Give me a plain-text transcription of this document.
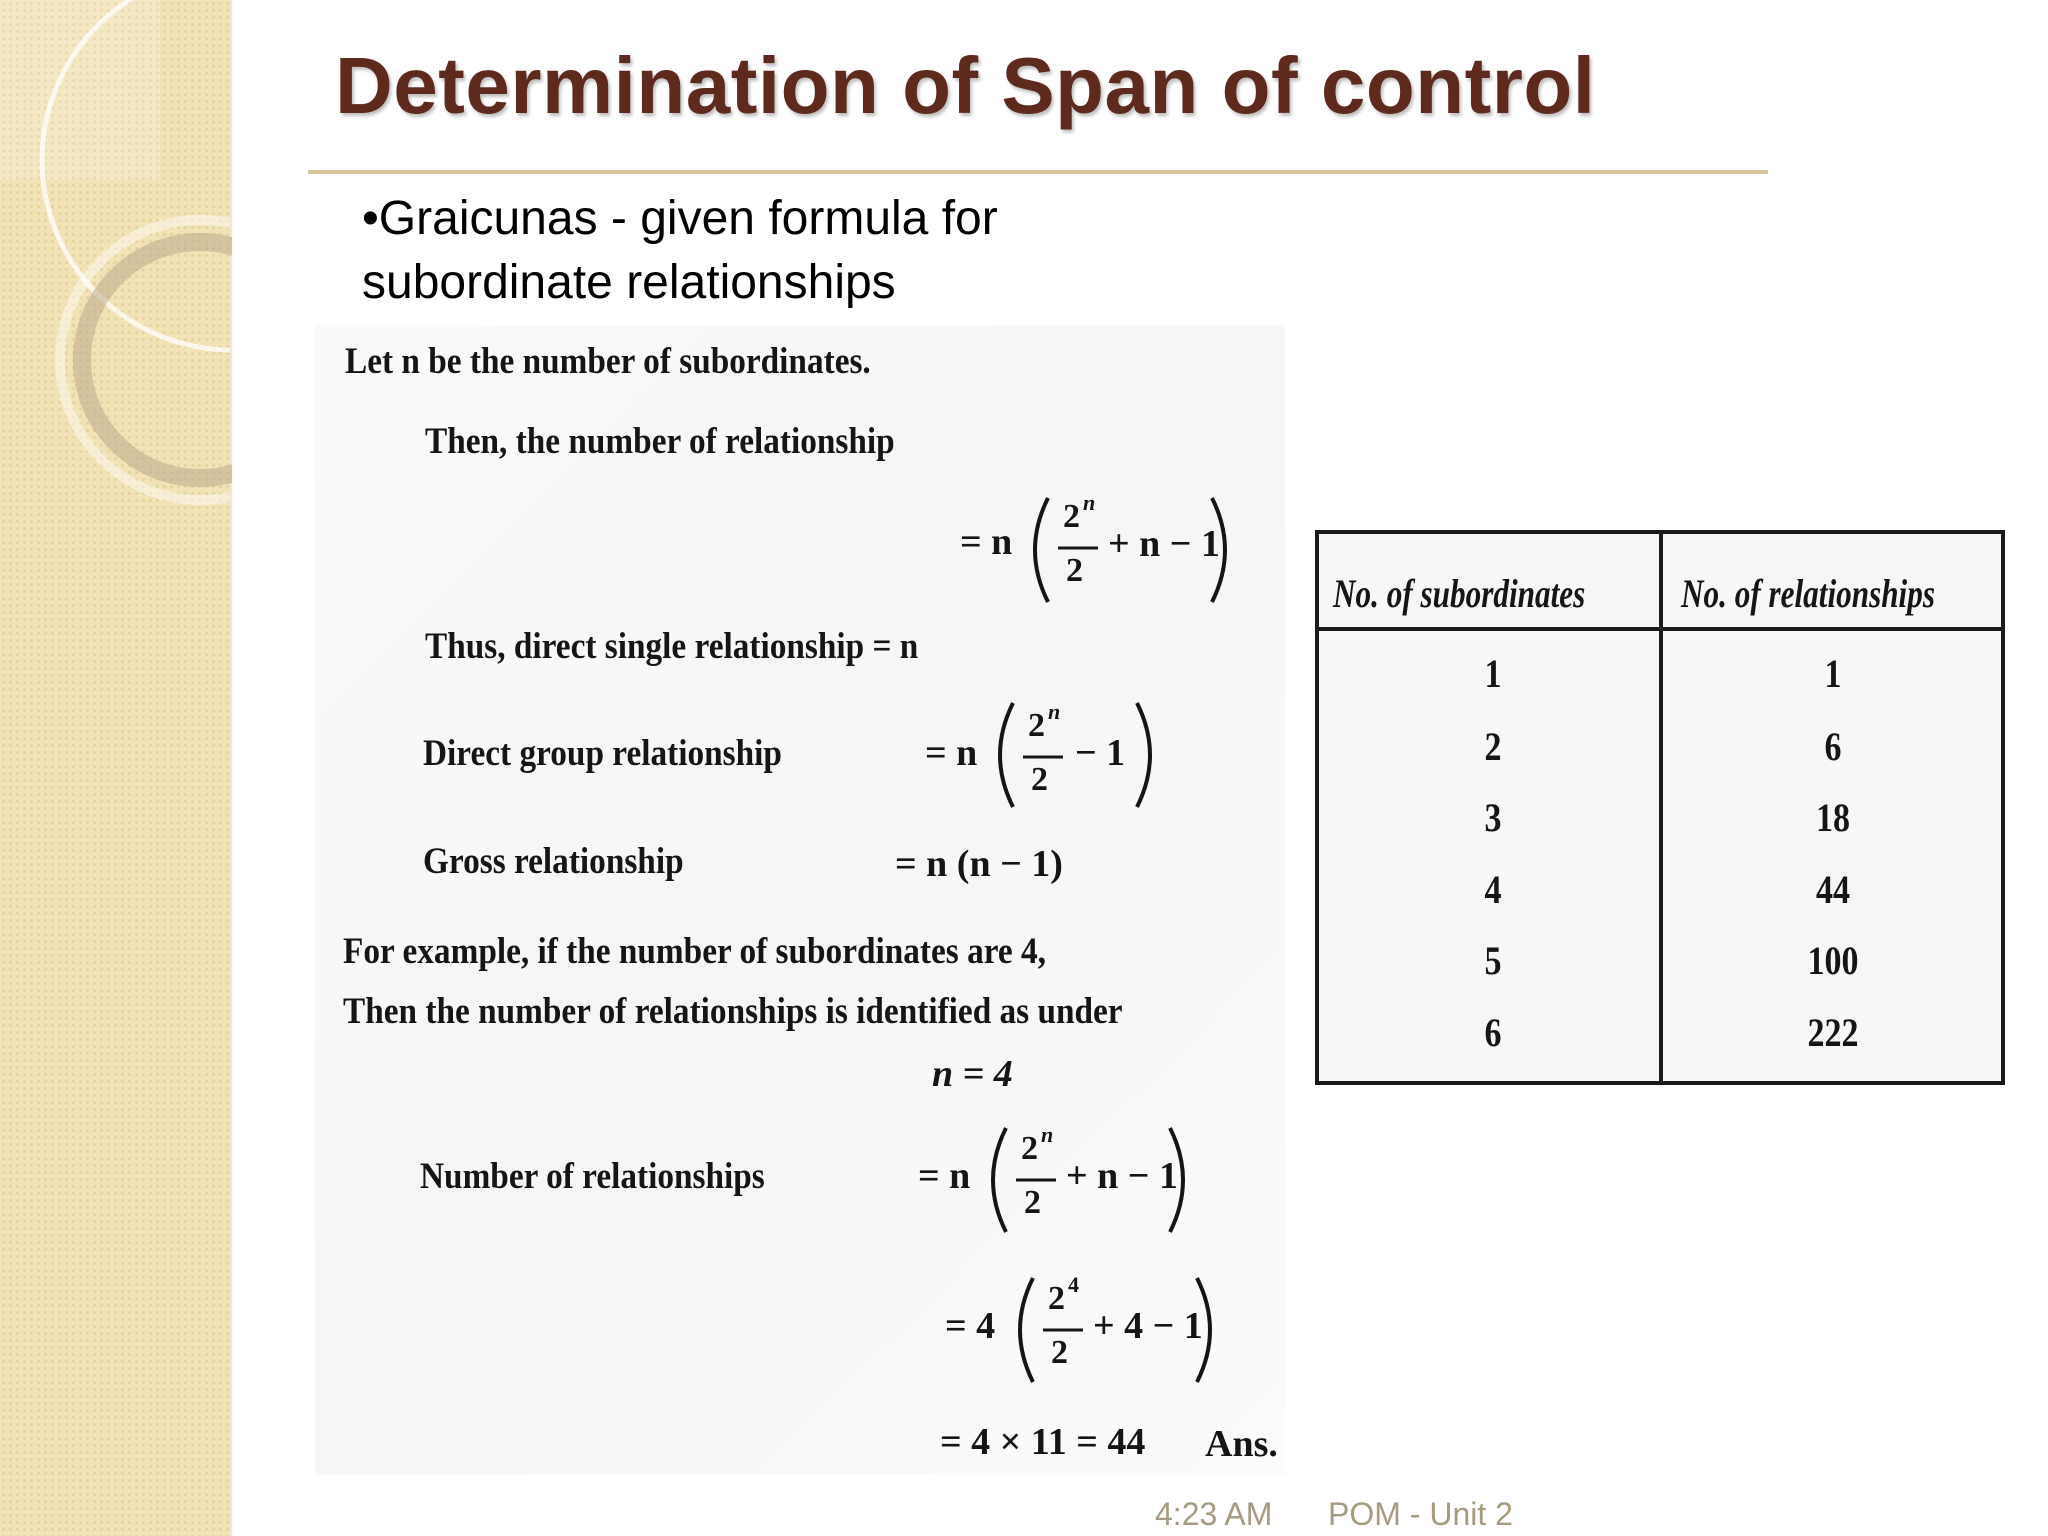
Determination of Span of control
•Graicunas - given formula for
subordinate relationships
Let n be the number of subordinates.
Then, the number of relationship
= n
2 n
2
+ n − 1
Thus, direct single relationship = n
Direct group relationship	= n
2 n
2
− 1
Gross relationship	= n (n − 1)
For example, if the number of subordinates are 4,
Then the number of relationships is identified as under
n = 4
Number of relationships	= n
2 n
2
+ n − 1
= 4
2 4
2
+ 4 − 1
= 4 × 11 = 44 Ans.
No. of subordinates No. of relationships
1	1
2	6
3	18
4	44
5	100
6	222
4:23 AM POM - Unit 2
